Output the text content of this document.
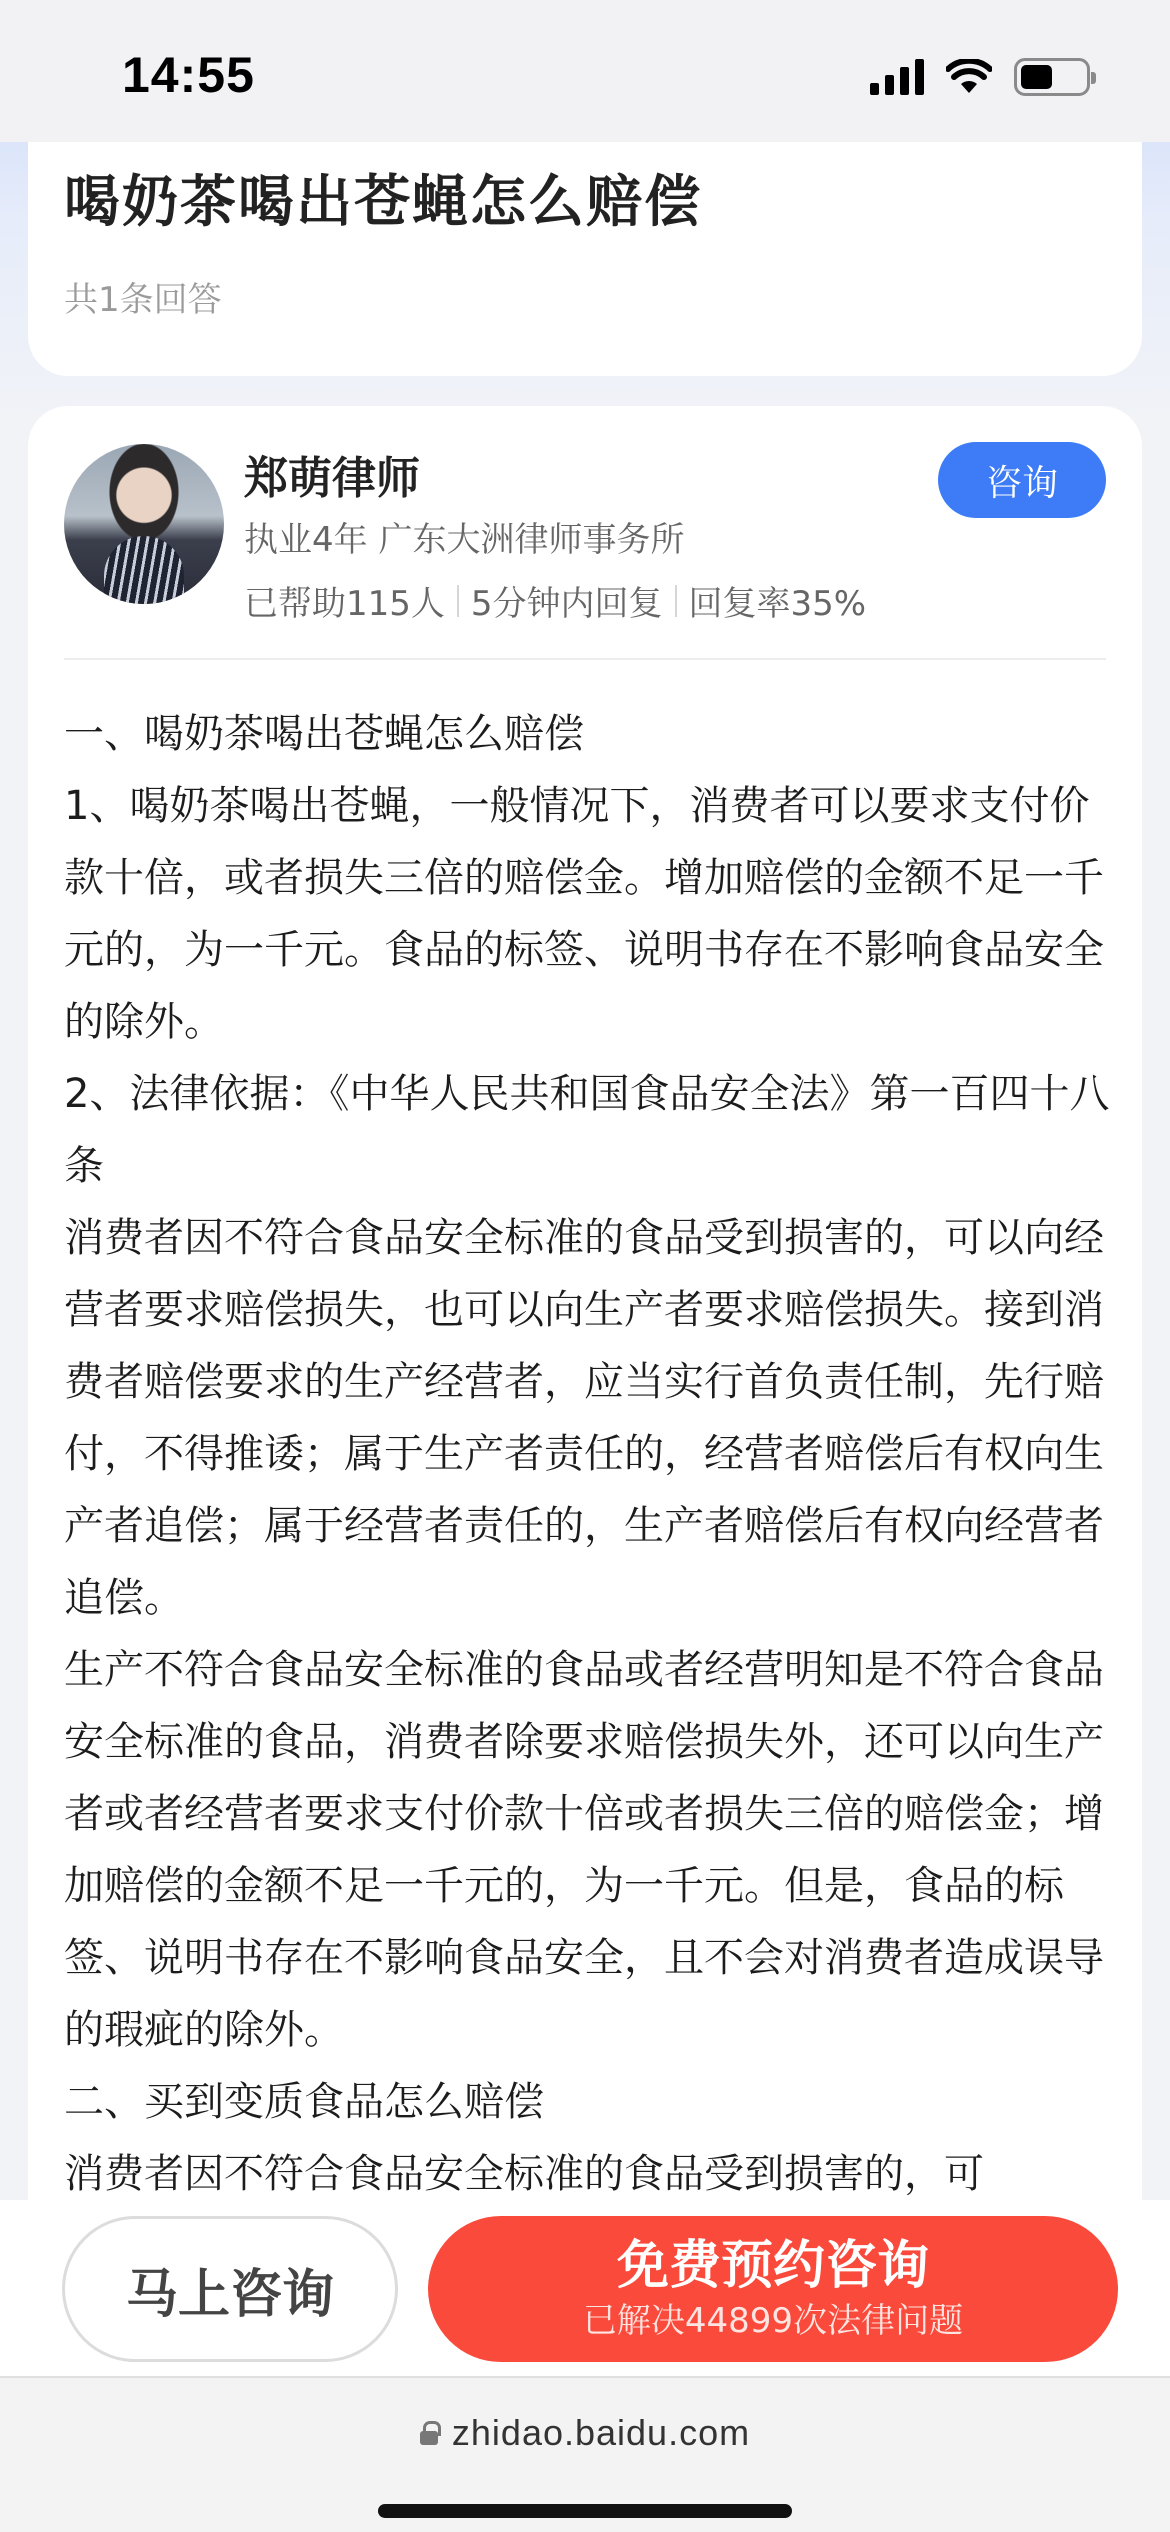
14:55
喝奶茶喝出苍蝇怎么赔偿
共1条回答
郑萌律师
执业4年 广东大洲律师事务所
已帮助115人 5分钟内回复 回复率35%
咨询

一、喝奶茶喝出苍蝇怎么赔偿

1、喝奶茶喝出苍蝇，一般情况下，消费者可以要求支付价款十倍，或者损失三倍的赔偿金。增加赔偿的金额不足一千元的，为一千元。食品的标签、说明书存在不影响食品安全的除外。

2、法律依据：《中华人民共和国食品安全法》第一百四十八条

消费者因不符合食品安全标准的食品受到损害的，可以向经营者要求赔偿损失，也可以向生产者要求赔偿损失。接到消费者赔偿要求的生产经营者，应当实行首负责任制，先行赔付，不得推诿；属于生产者责任的，经营者赔偿后有权向生产者追偿；属于经营者责任的，生产者赔偿后有权向经营者追偿。

生产不符合食品安全标准的食品或者经营明知是不符合食品安全标准的食品，消费者除要求赔偿损失外，还可以向生产者或者经营者要求支付价款十倍或者损失三倍的赔偿金；增加赔偿的金额不足一千元的，为一千元。但是，食品的标签、说明书存在不影响食品安全，且不会对消费者造成误导的瑕疵的除外。

二、买到变质食品怎么赔偿

消费者因不符合食品安全标准的食品受到损害的，可

马上咨询	免费预约咨询
已解决44899次法律问题
zhidao.baidu.com
